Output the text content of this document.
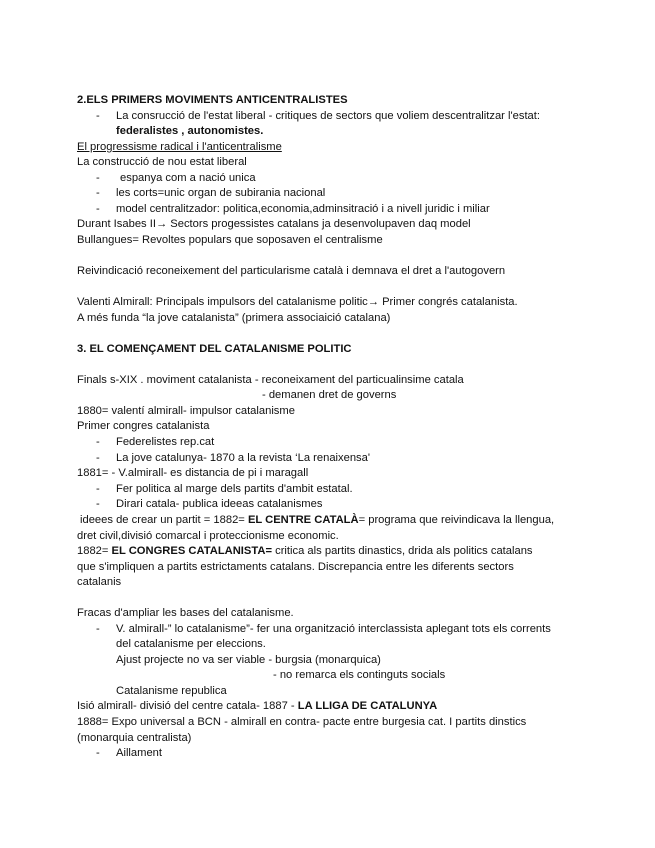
2.ELS PRIMERS MOVIMENTS ANTICENTRALISTES
- La consrucció de l'estat liberal - critiques de sectors que voliem descentralitzar l'estat:
federalistes , autonomistes.
El progressisme radical i l'anticentralisme
La construcció de nou estat liberal
- espanya com a nació unica
- les corts=unic organ de subirania nacional
- model centralitzador: politica,economia,adminsitració i a nivell juridic i miliar
Durant Isabes II→ Sectors progessistes catalans ja desenvolupaven daq model
Bullangues= Revoltes populars que soposaven el centralisme
Reivindicació reconeixement del particularisme català i demnava el dret a l'autogovern
Valenti Almirall: Principals impulsors del catalanisme politic→ Primer congrés catalanista.
A més funda “la jove catalanista” (primera associaició catalana)
3. EL COMENÇAMENT DEL CATALANISME POLITIC
Finals s-XIX . moviment catalanista - reconeixament del particualinsime catala
- demanen dret de governs
1880= valentí almirall- impulsor catalanisme
Primer congres catalanista
- Federelistes rep.cat
- La jove catalunya- 1870 a la revista ‘La renaixensa'
1881= - V.almirall- es distancia de pi i maragall
- Fer politica al marge dels partits d'ambit estatal.
- Dirari catala- publica ideeas catalanismes
ideees de crear un partit = 1882= EL CENTRE CATALÀ= programa que reivindicava la llengua,
dret civil,divisió comarcal i proteccionisme economic.
1882= EL CONGRES CATALANISTA= critica als partits dinastics, drida als politics catalans
que s'impliquen a partits estrictaments catalans. Discrepancia entre les diferents sectors
catalanis
Fracas d'ampliar les bases del catalanisme.
- V. almirall-” lo catalanisme”- fer una organització interclassista aplegant tots els corrents
del catalanisme per eleccions.
Ajust projecte no va ser viable - burgsia (monarquica)
- no remarca els continguts socials
Catalanisme republica
Isió almirall- divisió del centre catala- 1887 - LA LLIGA DE CATALUNYA
1888= Expo universal a BCN - almirall en contra- pacte entre burgesia cat. I partits dinstics
(monarquia centralista)
- Aillament
